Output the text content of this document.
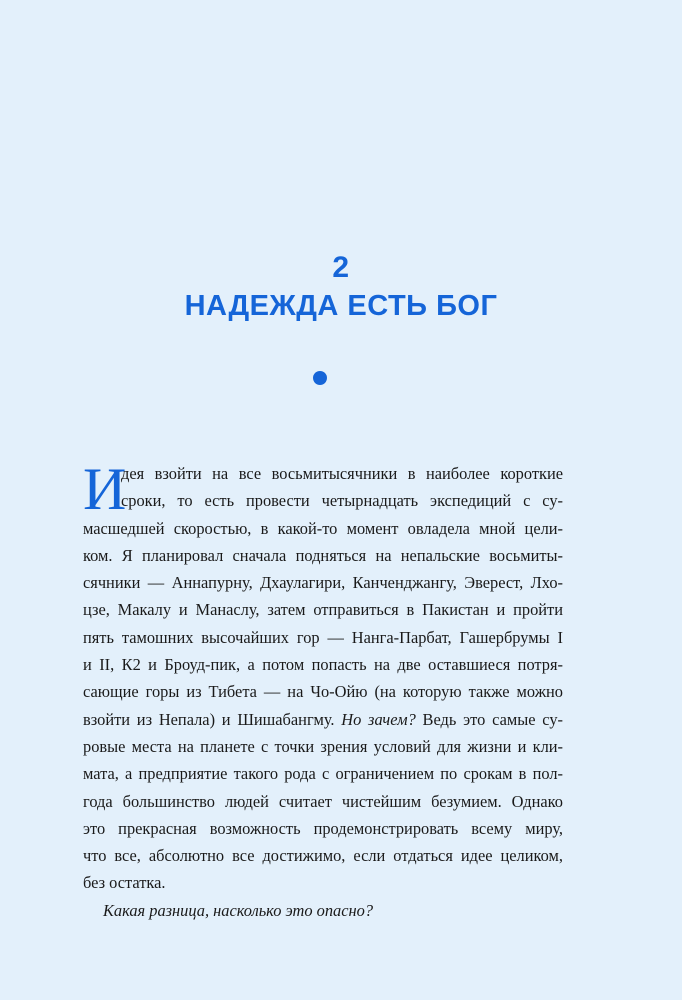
2
НАДЕЖДА ЕСТЬ БОГ
И
дея взойти на все восьмитысячники в наиболее короткие
сроки, то есть провести четырнадцать экспедиций с су-
масшедшей скоростью, в какой-то момент овладела мной цели-
ком. Я планировал сначала подняться на непальские восьмиты-
сячники — Аннапурну, Дхаулагири, Канченджангу, Эверест, Лхо-
цзе, Макалу и Манаслу, затем отправиться в Пакистан и пройти
пять тамошних высочайших гор — Нанга-Парбат, Гашербрумы I
и II, К2 и Броуд-пик, а потом попасть на две оставшиеся потря-
сающие горы из Тибета — на Чо-Ойю (на которую также можно
взойти из Непала) и Шишабангму. Но зачем? Ведь это самые су-
ровые места на планете с точки зрения условий для жизни и кли-
мата, а предприятие такого рода с ограничением по срокам в пол-
года большинство людей считает чистейшим безумием. Однако
это прекрасная возможность продемонстрировать всему миру,
что все, абсолютно все достижимо, если отдаться идее целиком,
без остатка.
Какая разница, насколько это опасно?
